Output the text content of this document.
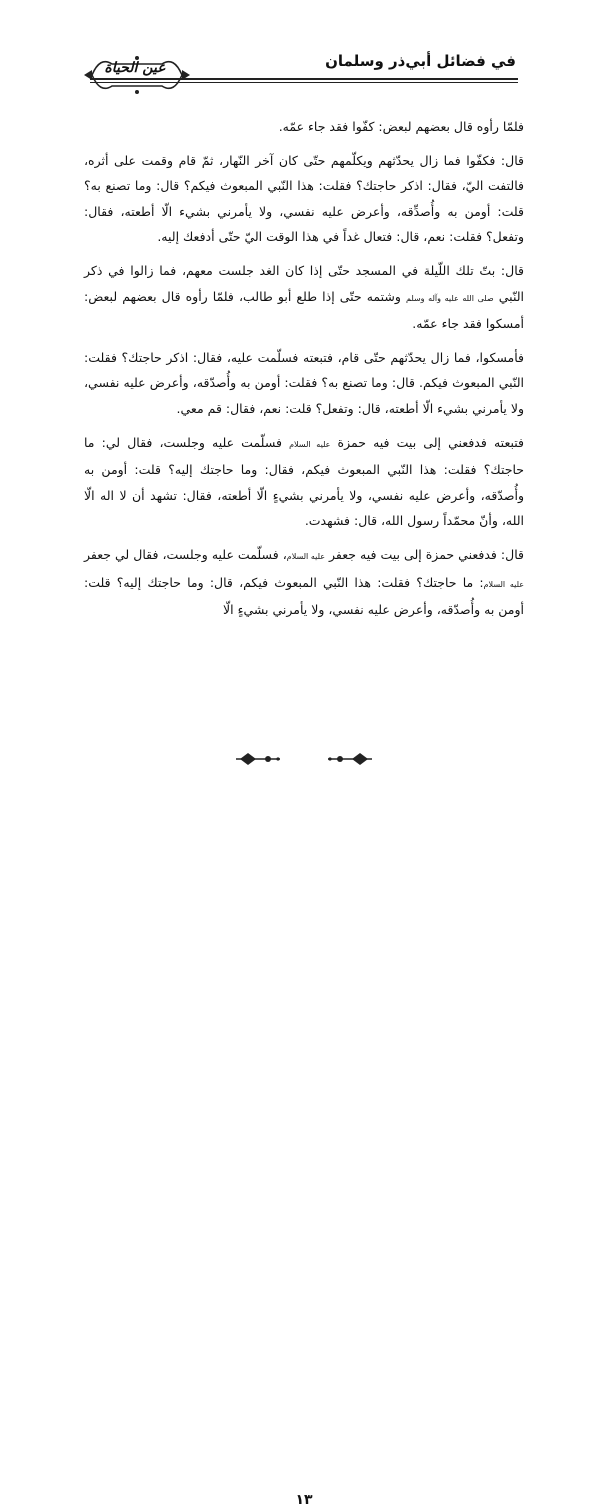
عين الحياة	في فضائل أبي‌ذر وسلمان

فلمّا رأوه قال بعضهم لبعض: كفّوا فقد جاء عمّه.

قال: فكفّوا فما زال يحدّثهم ويكلّمهم حتّى كان آخر النّهار، ثمّ قام وقمت على أثره، فالتفت اليّ، فقال: اذكر حاجتك؟ فقلت: هذا النّبي المبعوث فيكم؟ قال: وما تصنع به؟ قلت: أومن به وأُصدِّقه، وأعرض عليه نفسي، ولا يأمرني بشيء الّا أطعته، فقال: وتفعل؟ فقلت: نعم، قال: فتعال غداً في هذا الوقت اليّ حتّى أدفعك إليه.

قال: بتّ تلك اللّيلة في المسجد حتّى إذا كان الغد جلست معهم، فما زالوا في ذكر النّبي صلى الله عليه وآله وسلم وشتمه حتّى إذا طلع أبو طالب، فلمّا رأوه قال بعضهم لبعض: أمسكوا فقد جاء عمّه.

فأمسكوا، فما زال يحدّثهم حتّى قام، فتبعته فسلّمت عليه، فقال: اذكر حاجتك؟ فقلت: النّبي المبعوث فيكم. قال: وما تصنع به؟ فقلت: أومن به وأُصدّقه، وأعرض عليه نفسي، ولا يأمرني بشيء الّا أطعته، قال: وتفعل؟ قلت: نعم، فقال: قم معي.

فتبعته فدفعني إلى بيت فيه حمزة عليه السلام فسلّمت عليه وجلست، فقال لي: ما حاجتك؟ فقلت: هذا النّبي المبعوث فيكم، فقال: وما حاجتك إليه؟ قلت: أومن به وأُصدّقه، وأعرض عليه نفسي، ولا يأمرني بشيءٍ الّا أطعته، فقال: تشهد أن لا اله الّا الله، وأنّ محمّداً رسول الله، قال: فشهدت.

قال: فدفعني حمزة إلى بيت فيه جعفر عليه السلام، فسلّمت عليه وجلست، فقال لي جعفر عليه السلام: ما حاجتك؟ فقلت: هذا النّبي المبعوث فيكم، قال: وما حاجتك إليه؟ قلت: أومن به وأُصدّقه، وأعرض عليه نفسي، ولا يأمرني بشيءٍ الّا

١٣
